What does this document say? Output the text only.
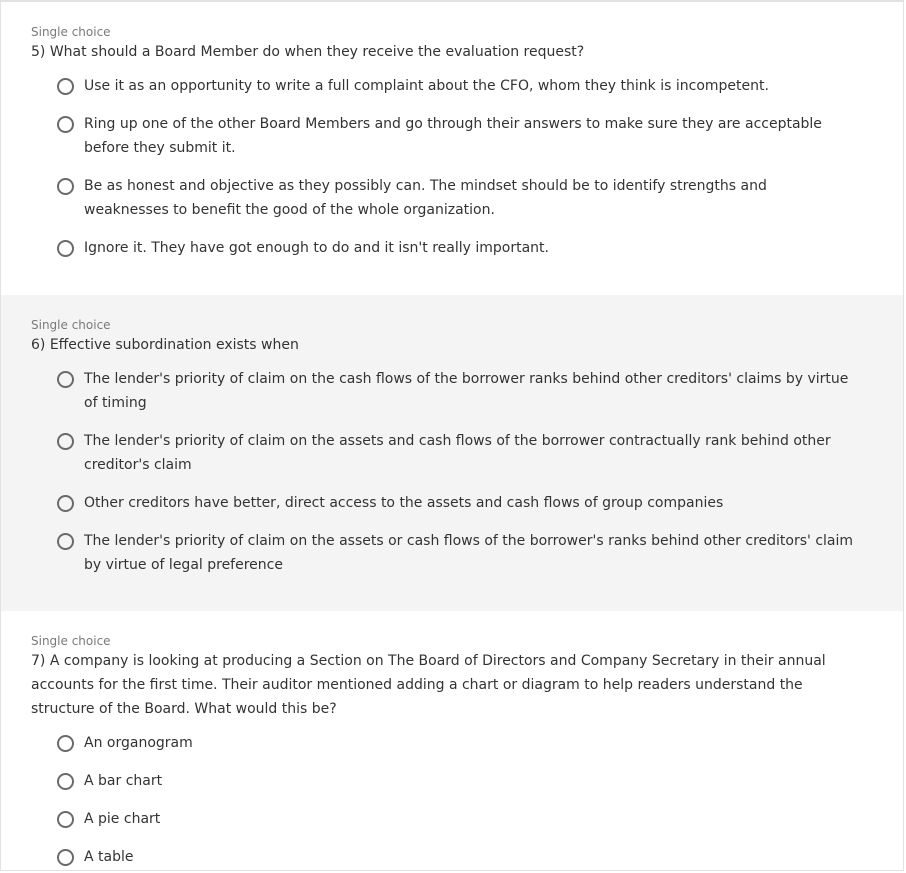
Single choice
5) What should a Board Member do when they receive the evaluation request?
Use it as an opportunity to write a full complaint about the CFO, whom they think is incompetent.
Ring up one of the other Board Members and go through their answers to make sure they are acceptable before they submit it.
Be as honest and objective as they possibly can. The mindset should be to identify strengths and weaknesses to benefit the good of the whole organization.
Ignore it. They have got enough to do and it isn't really important.
Single choice
6) Effective subordination exists when
The lender's priority of claim on the cash flows of the borrower ranks behind other creditors' claims by virtue of timing
The lender's priority of claim on the assets and cash flows of the borrower contractually rank behind other creditor's claim
Other creditors have better, direct access to the assets and cash flows of group companies
The lender's priority of claim on the assets or cash flows of the borrower's ranks behind other creditors' claim by virtue of legal preference
Single choice
7) A company is looking at producing a Section on The Board of Directors and Company Secretary in their annual accounts for the first time. Their auditor mentioned adding a chart or diagram to help readers understand the structure of the Board. What would this be?
An organogram
A bar chart
A pie chart
A table
